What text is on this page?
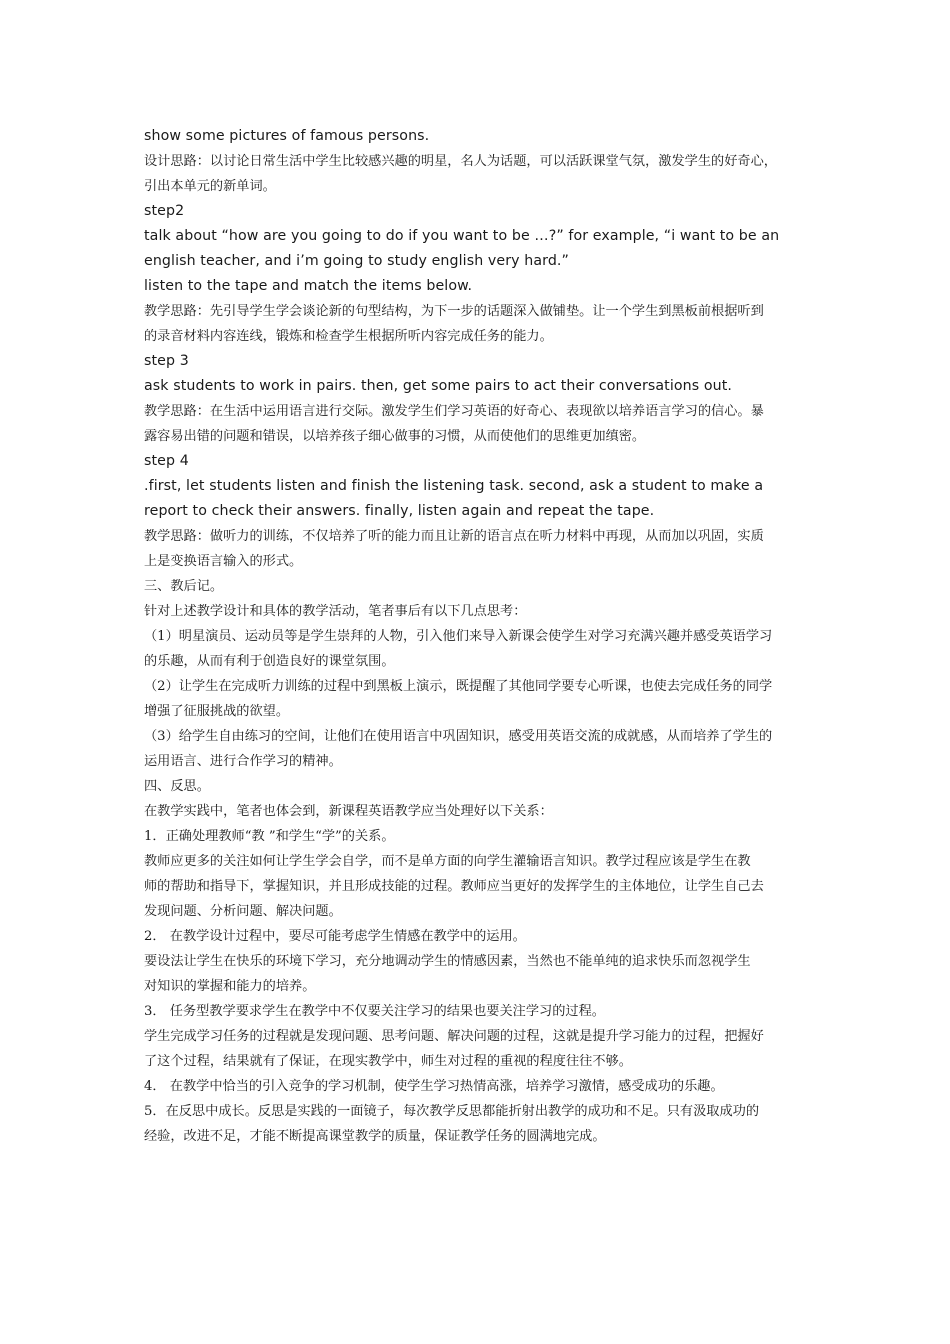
show some pictures of famous persons.
设计思路：以讨论日常生活中学生比较感兴趣的明星，名人为话题，可以活跃课堂气氛，激发学生的好奇心，
引出本单元的新单词。
step2
talk about “how are you going to do if you want to be …?” for example, “i want to be an
english teacher, and i’m going to study english very hard.”
listen to the tape and match the items below.
教学思路：先引导学生学会谈论新的句型结构，为下一步的话题深入做铺垫。让一个学生到黑板前根据听到
的录音材料内容连线，锻炼和检查学生根据所听内容完成任务的能力。
step 3
ask students to work in pairs. then, get some pairs to act their conversations out.
教学思路：在生活中运用语言进行交际。激发学生们学习英语的好奇心、表现欲以培养语言学习的信心。暴
露容易出错的问题和错误，以培养孩子细心做事的习惯，从而使他们的思维更加缜密。
step 4
.first, let students listen and finish the listening task. second, ask a student to make a
report to check their answers. finally, listen again and repeat the tape.
教学思路：做听力的训练，不仅培养了听的能力而且让新的语言点在听力材料中再现，从而加以巩固，实质
上是变换语言输入的形式。
三、教后记。
针对上述教学设计和具体的教学活动，笔者事后有以下几点思考：
（1）明星演员、运动员等是学生崇拜的人物，引入他们来导入新课会使学生对学习充满兴趣并感受英语学习
的乐趣，从而有利于创造良好的课堂氛围。
（2）让学生在完成听力训练的过程中到黑板上演示，既提醒了其他同学要专心听课，也使去完成任务的同学
增强了征服挑战的欲望。
（3）给学生自由练习的空间，让他们在使用语言中巩固知识，感受用英语交流的成就感，从而培养了学生的
运用语言、进行合作学习的精神。
四、反思。
在教学实践中，笔者也体会到，新课程英语教学应当处理好以下关系：
1．正确处理教师“教 ”和学生“学”的关系。
教师应更多的关注如何让学生学会自学，而不是单方面的向学生灌输语言知识。教学过程应该是学生在教
师的帮助和指导下，掌握知识，并且形成技能的过程。教师应当更好的发挥学生的主体地位，让学生自己去
发现问题、分析问题、解决问题。
2． 在教学设计过程中，要尽可能考虑学生情感在教学中的运用。
要设法让学生在快乐的环境下学习，充分地调动学生的情感因素，当然也不能单纯的追求快乐而忽视学生
对知识的掌握和能力的培养。
3． 任务型教学要求学生在教学中不仅要关注学习的结果也要关注学习的过程。
学生完成学习任务的过程就是发现问题、思考问题、解决问题的过程，这就是提升学习能力的过程，把握好
了这个过程，结果就有了保证，在现实教学中，师生对过程的重视的程度往往不够。
4． 在教学中恰当的引入竞争的学习机制，使学生学习热情高涨，培养学习激情，感受成功的乐趣。
5．在反思中成长。反思是实践的一面镜子，每次教学反思都能折射出教学的成功和不足。只有汲取成功的
经验，改进不足，才能不断提高课堂教学的质量，保证教学任务的圆满地完成。
